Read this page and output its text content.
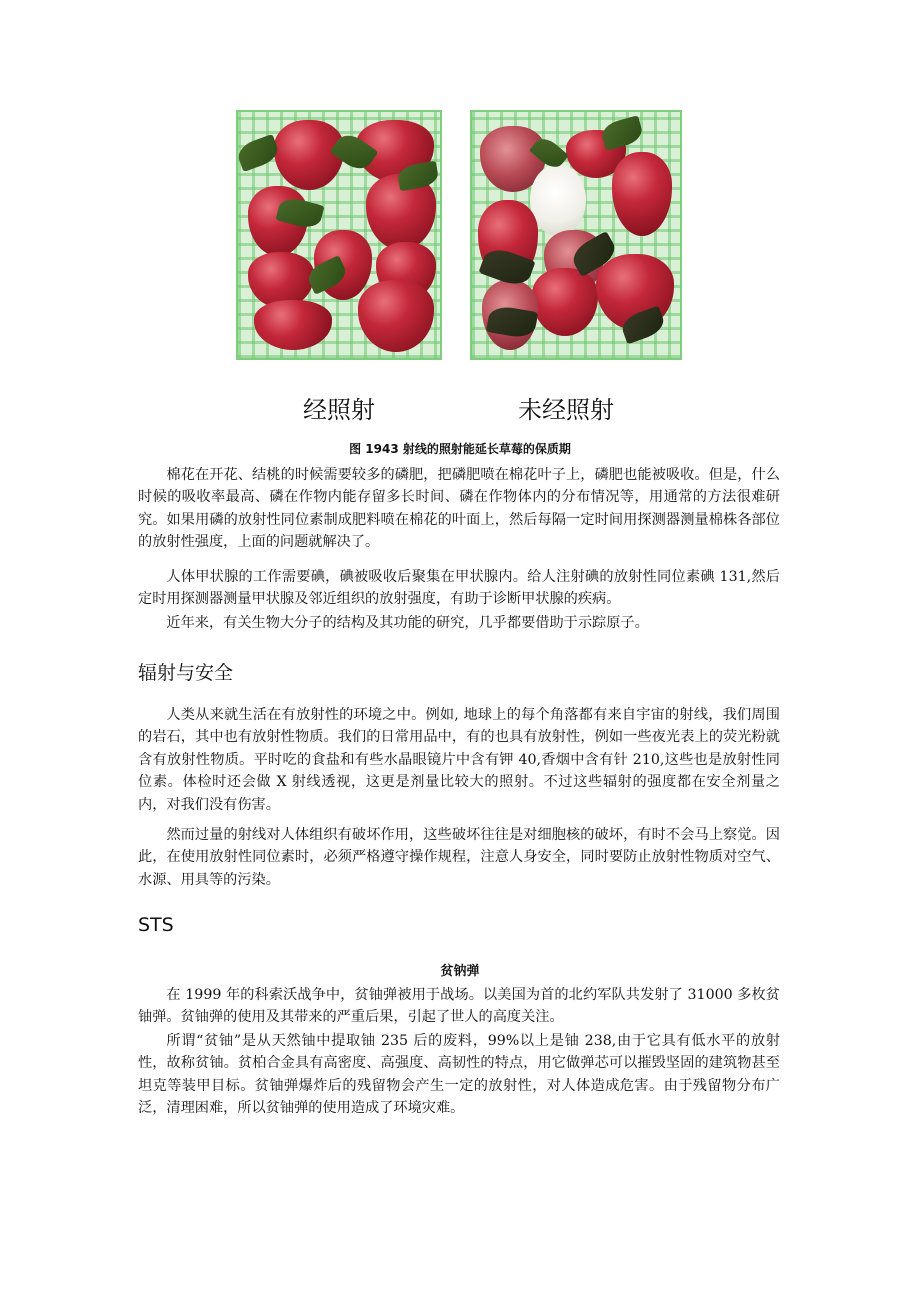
经照射	未经照射
图 1943 射线的照射能延长草莓的保质期

棉花在开花、结桃的时候需要较多的磷肥，把磷肥喷在棉花叶子上，磷肥也能被吸收。但是，什么时候的吸收率最高、磷在作物内能存留多长时间、磷在作物体内的分布情况等，用通常的方法很难研究。如果用磷的放射性同位素制成肥料喷在棉花的叶面上，然后每隔一定时间用探测器测量棉株各部位的放射性强度，上面的问题就解决了。

人体甲状腺的工作需要碘，碘被吸收后聚集在甲状腺内。给人注射碘的放射性同位素碘 131,然后定时用探测器测量甲状腺及邻近组织的放射强度，有助于诊断甲状腺的疾病。

近年来，有关生物大分子的结构及其功能的研究，几乎都要借助于示踪原子。

辐射与安全

人类从来就生活在有放射性的环境之中。例如, 地球上的每个角落都有来自宇宙的射线，我们周围的岩石，其中也有放射性物质。我们的日常用品中，有的也具有放射性，例如一些夜光表上的荧光粉就含有放射性物质。平时吃的食盐和有些水晶眼镜片中含有钾 40,香烟中含有针 210,这些也是放射性同位素。体检时还会做 X 射线透视，这更是剂量比较大的照射。不过这些辐射的强度都在安全剂量之内，对我们没有伤害。

然而过量的射线对人体组织有破坏作用，这些破坏往往是对细胞核的破坏，有时不会马上察觉。因此，在使用放射性同位素时，必须严格遵守操作规程，注意人身安全，同时要防止放射性物质对空气、水源、用具等的污染。

STS
贫钠弹

在 1999 年的科索沃战争中，贫铀弹被用于战场。以美国为首的北约军队共发射了 31000 多枚贫铀弹。贫铀弹的使用及其带来的严重后果，引起了世人的高度关注。

所谓“贫铀”是从天然铀中提取铀 235 后的废料，99%以上是铀 238,由于它具有低水平的放射性，故称贫铀。贫柏合金具有高密度、高强度、高韧性的特点，用它做弹芯可以摧毁坚固的建筑物甚至坦克等装甲目标。贫铀弹爆炸后的残留物会产生一定的放射性，对人体造成危害。由于残留物分布广泛，清理困难，所以贫铀弹的使用造成了环境灾难。
